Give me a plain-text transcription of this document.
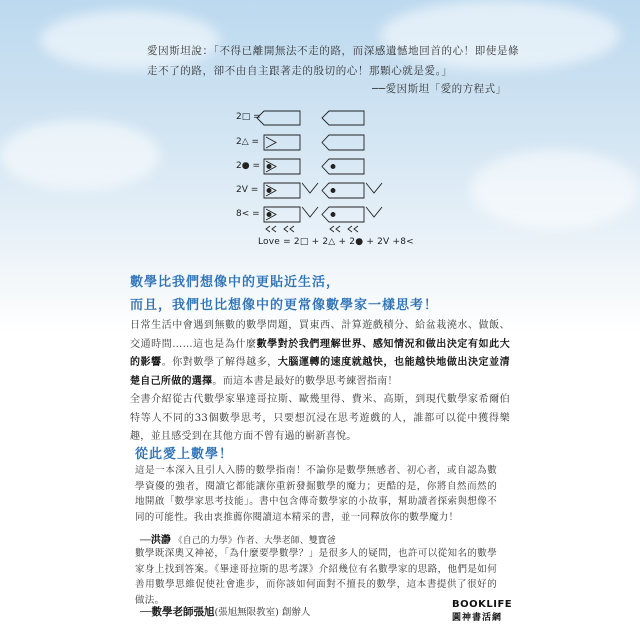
愛因斯坦說：「不得已離開無法不走的路，而深感遺憾地回首的心！即使是條
走不了的路，卻不由自主跟著走的殷切的心！那顆心就是愛。」
──愛因斯坦「愛的方程式」
2□ =
2△ =
2● =
2V =
8< =
Love = 2□ + 2△ + 2● + 2V +8<
數學比我們想像中的更貼近生活，
而且，我們也比想像中的更常像數學家一樣思考！
日常生活中會遇到無數的數學問題，買東西、計算遊戲積分、給盆栽澆水、做飯、交通時間……這也是為什麼數學對於我們理解世界、感知情況和做出決定有如此大的影響。你對數學了解得越多，大腦運轉的速度就越快，也能越快地做出決定並清楚自己所做的選擇。而這本書是最好的數學思考練習指南！
全書介紹從古代數學家畢達哥拉斯、歐幾里得、費米、高斯，到現代數學家希爾伯特等人不同的33個數學思考，只要想沉浸在思考遊戲的人，誰都可以從中獲得樂趣，並且感受到在其他方面不曾有過的嶄新喜悅。
從此愛上數學！
這是一本深入且引人入勝的數學指南！不論你是數學無感者、初心者，或自認為數學資優的強者，閱讀它都能讓你重新發掘數學的魔力；更酷的是，你將自然而然的地開啟「數學家思考技能」。書中包含傳奇數學家的小故事，幫助讀者探索與想像不同的可能性。我由衷推薦你閱讀這本精采的書，並一同釋放你的數學魔力！
──洪瀞 《自己的力學》作者、大學老師、雙寶爸
數學既深奧又神祕，「為什麼要學數學？」是很多人的疑問，也許可以從知名的數學家身上找到答案。《畢達哥拉斯的思考課》介紹幾位有名數學家的思路，他們是如何善用數學思維促使社會進步，而你該如何面對不擅長的數學，這本書提供了很好的做法。
──數學老師張旭(張旭無限教室) 創辦人
BOOKLIFE
圓神書活網
